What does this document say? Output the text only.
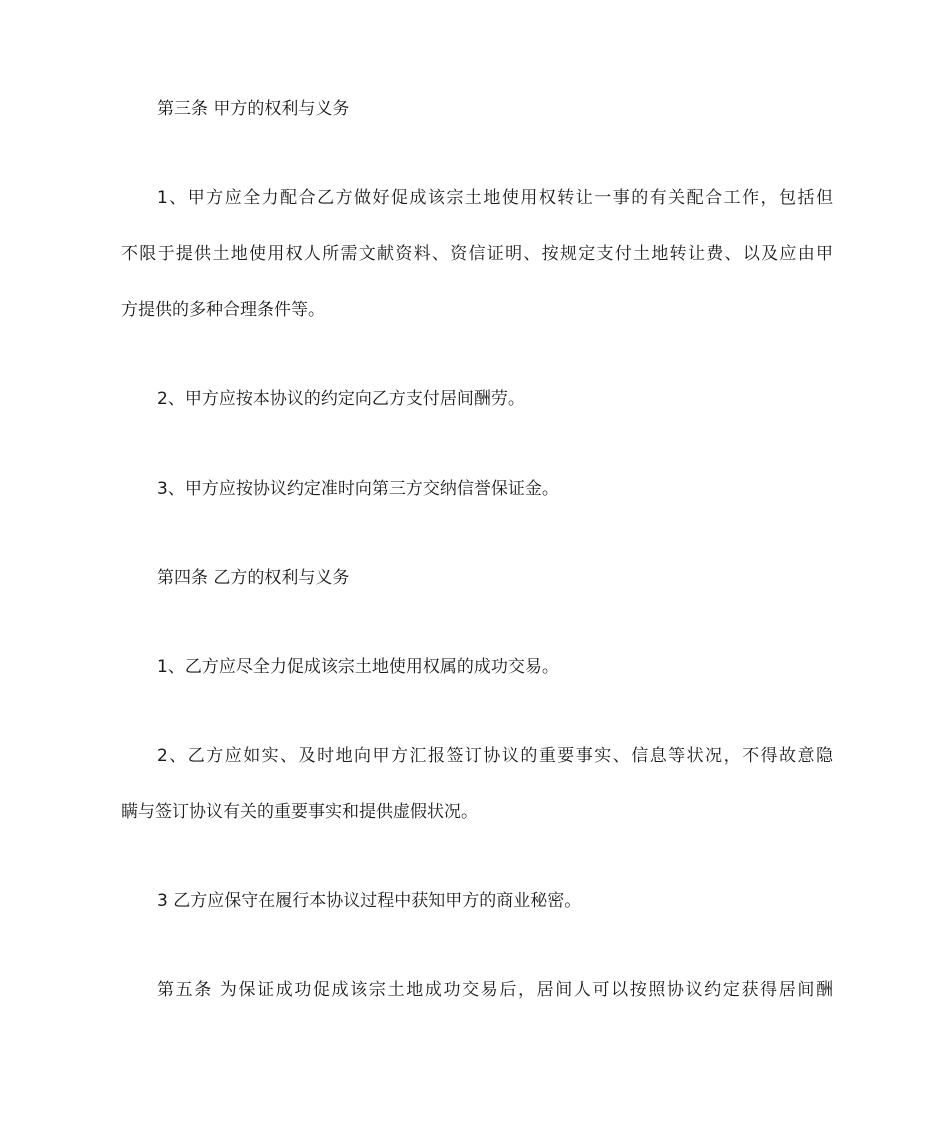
第三条 甲方的权利与义务
1、甲方应全力配合乙方做好促成该宗土地使用权转让一事的有关配合工作，包括但
不限于提供土地使用权人所需文献资料、资信证明、按规定支付土地转让费、以及应由甲
方提供的多种合理条件等。
2、甲方应按本协议的约定向乙方支付居间酬劳。
3、甲方应按协议约定准时向第三方交纳信誉保证金。
第四条 乙方的权利与义务
1、乙方应尽全力促成该宗土地使用权属的成功交易。
2、乙方应如实、及时地向甲方汇报签订协议的重要事实、信息等状况，不得故意隐
瞒与签订协议有关的重要事实和提供虚假状况。
3 乙方应保守在履行本协议过程中获知甲方的商业秘密。
第五条 为保证成功促成该宗土地成功交易后，居间人可以按照协议约定获得居间酬
